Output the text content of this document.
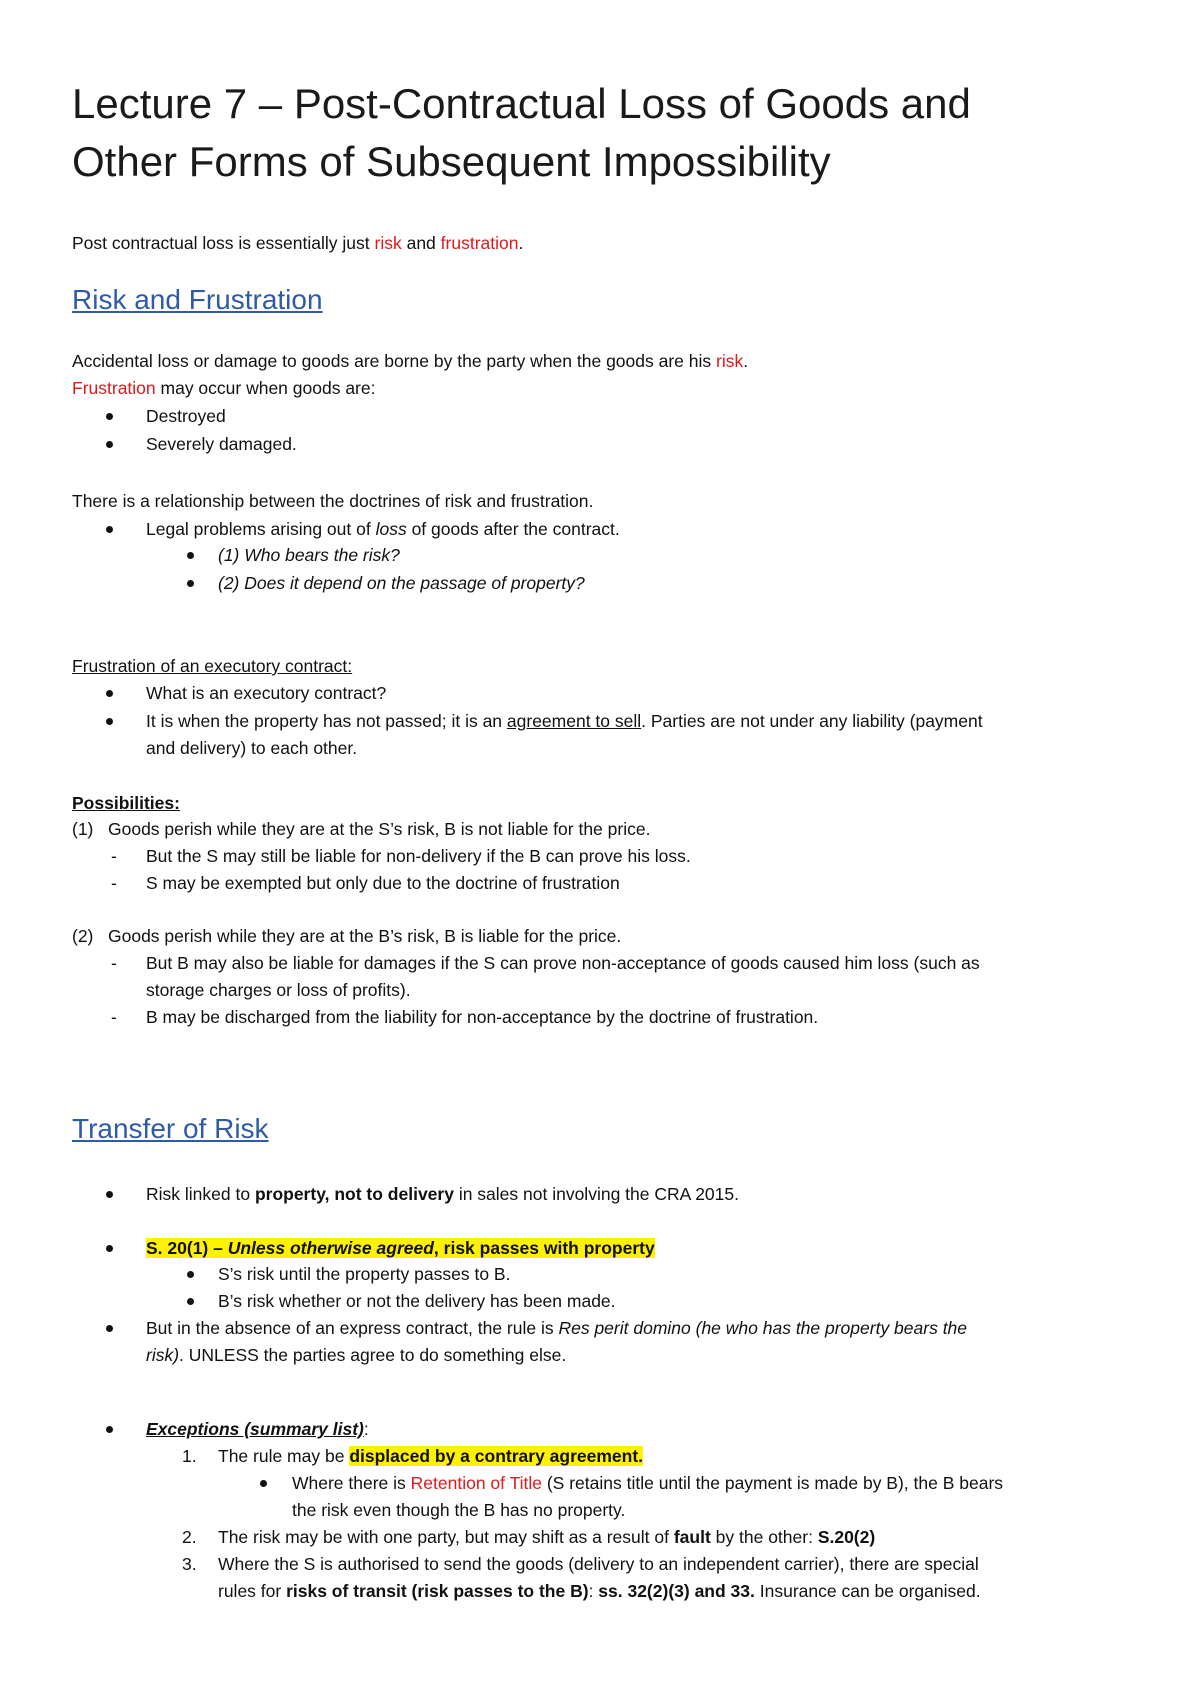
Lecture 7 – Post-Contractual Loss of Goods and
Other Forms of Subsequent Impossibility
Post contractual loss is essentially just risk and frustration.
Risk and Frustration
Accidental loss or damage to goods are borne by the party when the goods are his risk.
Frustration may occur when goods are:
Destroyed
Severely damaged.
There is a relationship between the doctrines of risk and frustration.
Legal problems arising out of loss of goods after the contract.
(1) Who bears the risk?
(2) Does it depend on the passage of property?
Frustration of an executory contract:
What is an executory contract?
It is when the property has not passed; it is an agreement to sell. Parties are not under any liability (payment
and delivery) to each other.
Possibilities:
(1) Goods perish while they are at the S’s risk, B is not liable for the price.
- But the S may still be liable for non-delivery if the B can prove his loss.
- S may be exempted but only due to the doctrine of frustration
(2) Goods perish while they are at the B’s risk, B is liable for the price.
- But B may also be liable for damages if the S can prove non-acceptance of goods caused him loss (such as
storage charges or loss of profits).
- B may be discharged from the liability for non-acceptance by the doctrine of frustration.
Transfer of Risk
Risk linked to property, not to delivery in sales not involving the CRA 2015.
S. 20(1) – Unless otherwise agreed, risk passes with property
S’s risk until the property passes to B.
B’s risk whether or not the delivery has been made.
But in the absence of an express contract, the rule is Res perit domino (he who has the property bears the
risk). UNLESS the parties agree to do something else.
Exceptions (summary list):
1. The rule may be displaced by a contrary agreement.
Where there is Retention of Title (S retains title until the payment is made by B), the B bears
the risk even though the B has no property.
2. The risk may be with one party, but may shift as a result of fault by the other: S.20(2)
3. Where the S is authorised to send the goods (delivery to an independent carrier), there are special
rules for risks of transit (risk passes to the B): ss. 32(2)(3) and 33. Insurance can be organised.
